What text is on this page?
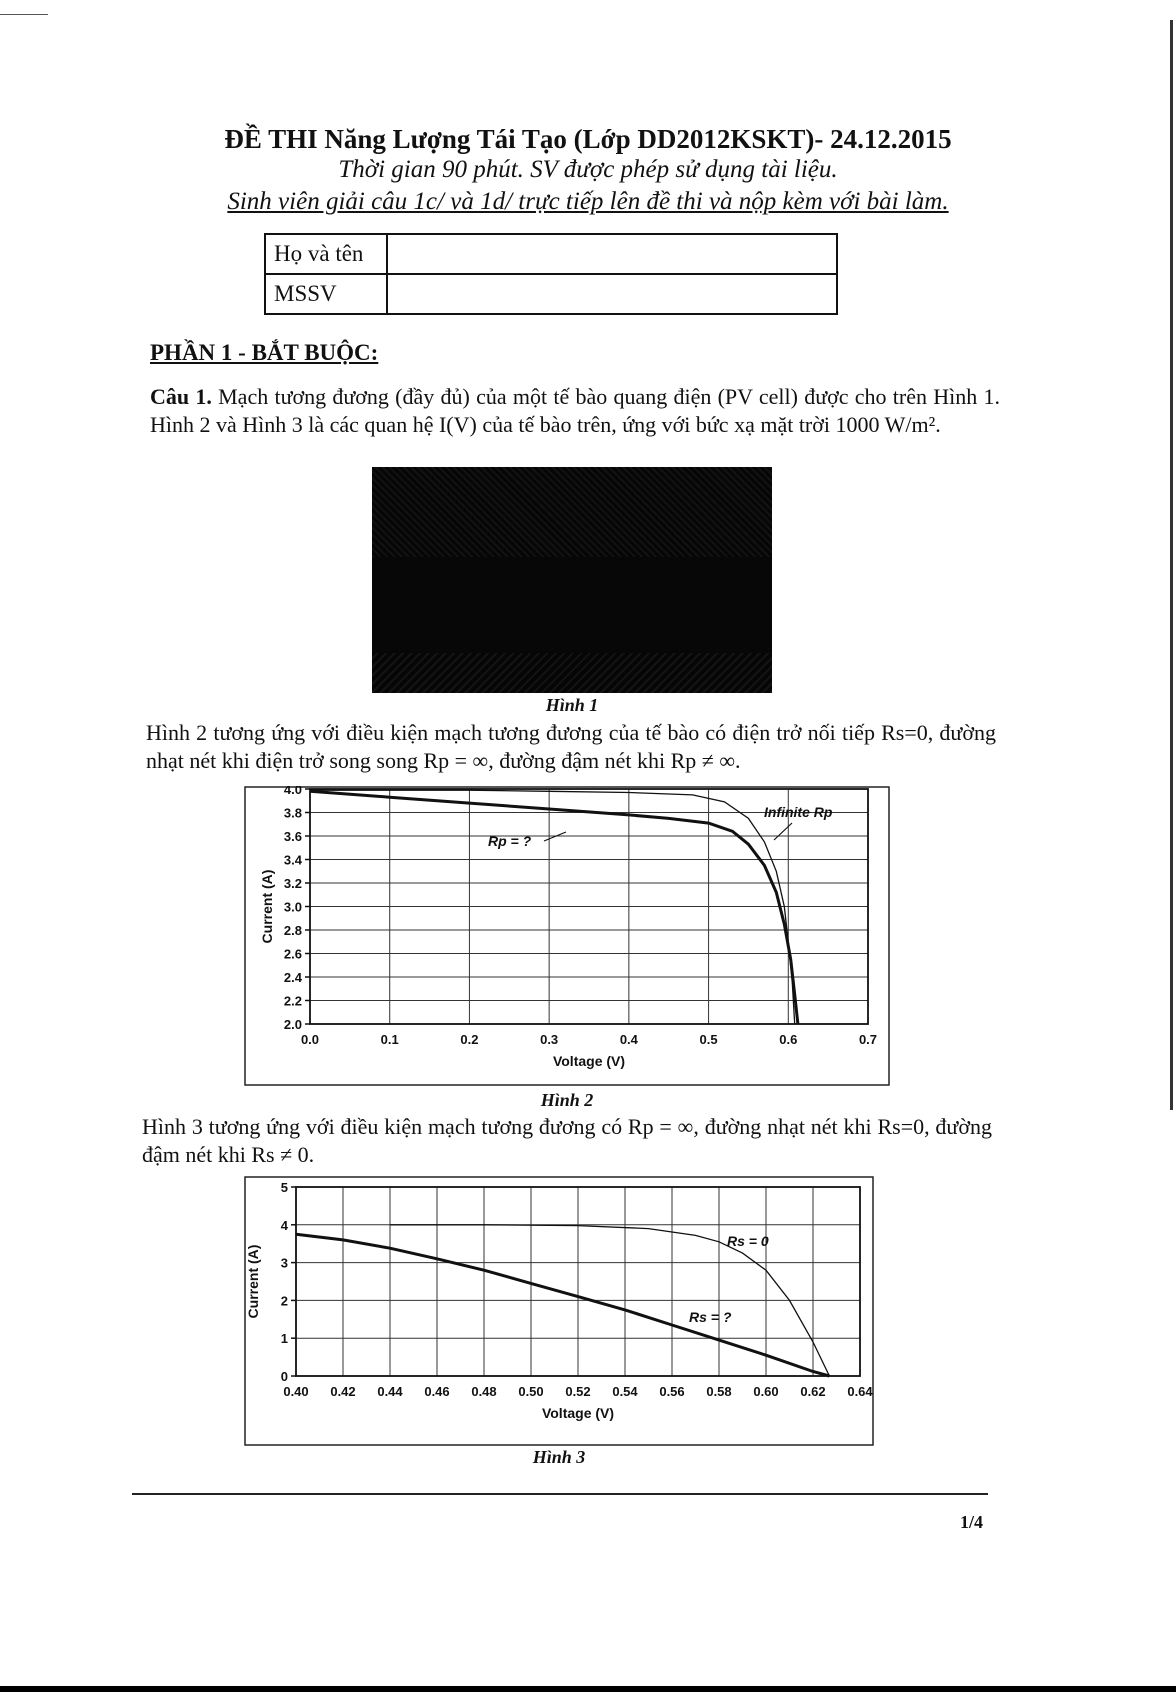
ĐỀ THI Năng Lượng Tái Tạo (Lớp DD2012KSKT)- 24.12.2015
Thời gian 90 phút. SV được phép sử dụng tài liệu.
Sinh viên giải câu 1c/ và 1d/ trực tiếp lên đề thi và nộp kèm với bài làm.
Họ và tên	
MSSV	
PHẦN 1 - BẮT BUỘC:
Câu 1. Mạch tương đương (đầy đủ) của một tế bào quang điện (PV cell) được cho trên Hình 1. Hình 2 và Hình 3 là các quan hệ I(V) của tế bào trên, ứng với bức xạ mặt trời 1000 W/m².
Hình 1
Hình 2 tương ứng với điều kiện mạch tương đương của tế bào có điện trở nối tiếp Rs=0, đường nhạt nét khi điện trở song song Rp = ∞, đường đậm nét khi Rp ≠ ∞.
0.0	0.1	0.2	0.3	0.4	0.5	0.6	0.7
2.0
2.2
2.4
2.6
2.8
3.0
3.2
3.4
3.6
3.8
4.0
Voltage (V)
Current (A)
Infinite Rp
Rp = ?
Hình 2
Hình 3 tương ứng với điều kiện mạch tương đương có Rp = ∞, đường nhạt nét khi Rs=0, đường đậm nét khi Rs ≠ 0.
0.40 0.42 0.44 0.46 0.48 0.50 0.52 0.54 0.56 0.58 0.60 0.62 0.64
0
1
2
3
4
5
Voltage (V)
Current (A)
Rs = 0
Rs = ?
Hình 3
1/4
